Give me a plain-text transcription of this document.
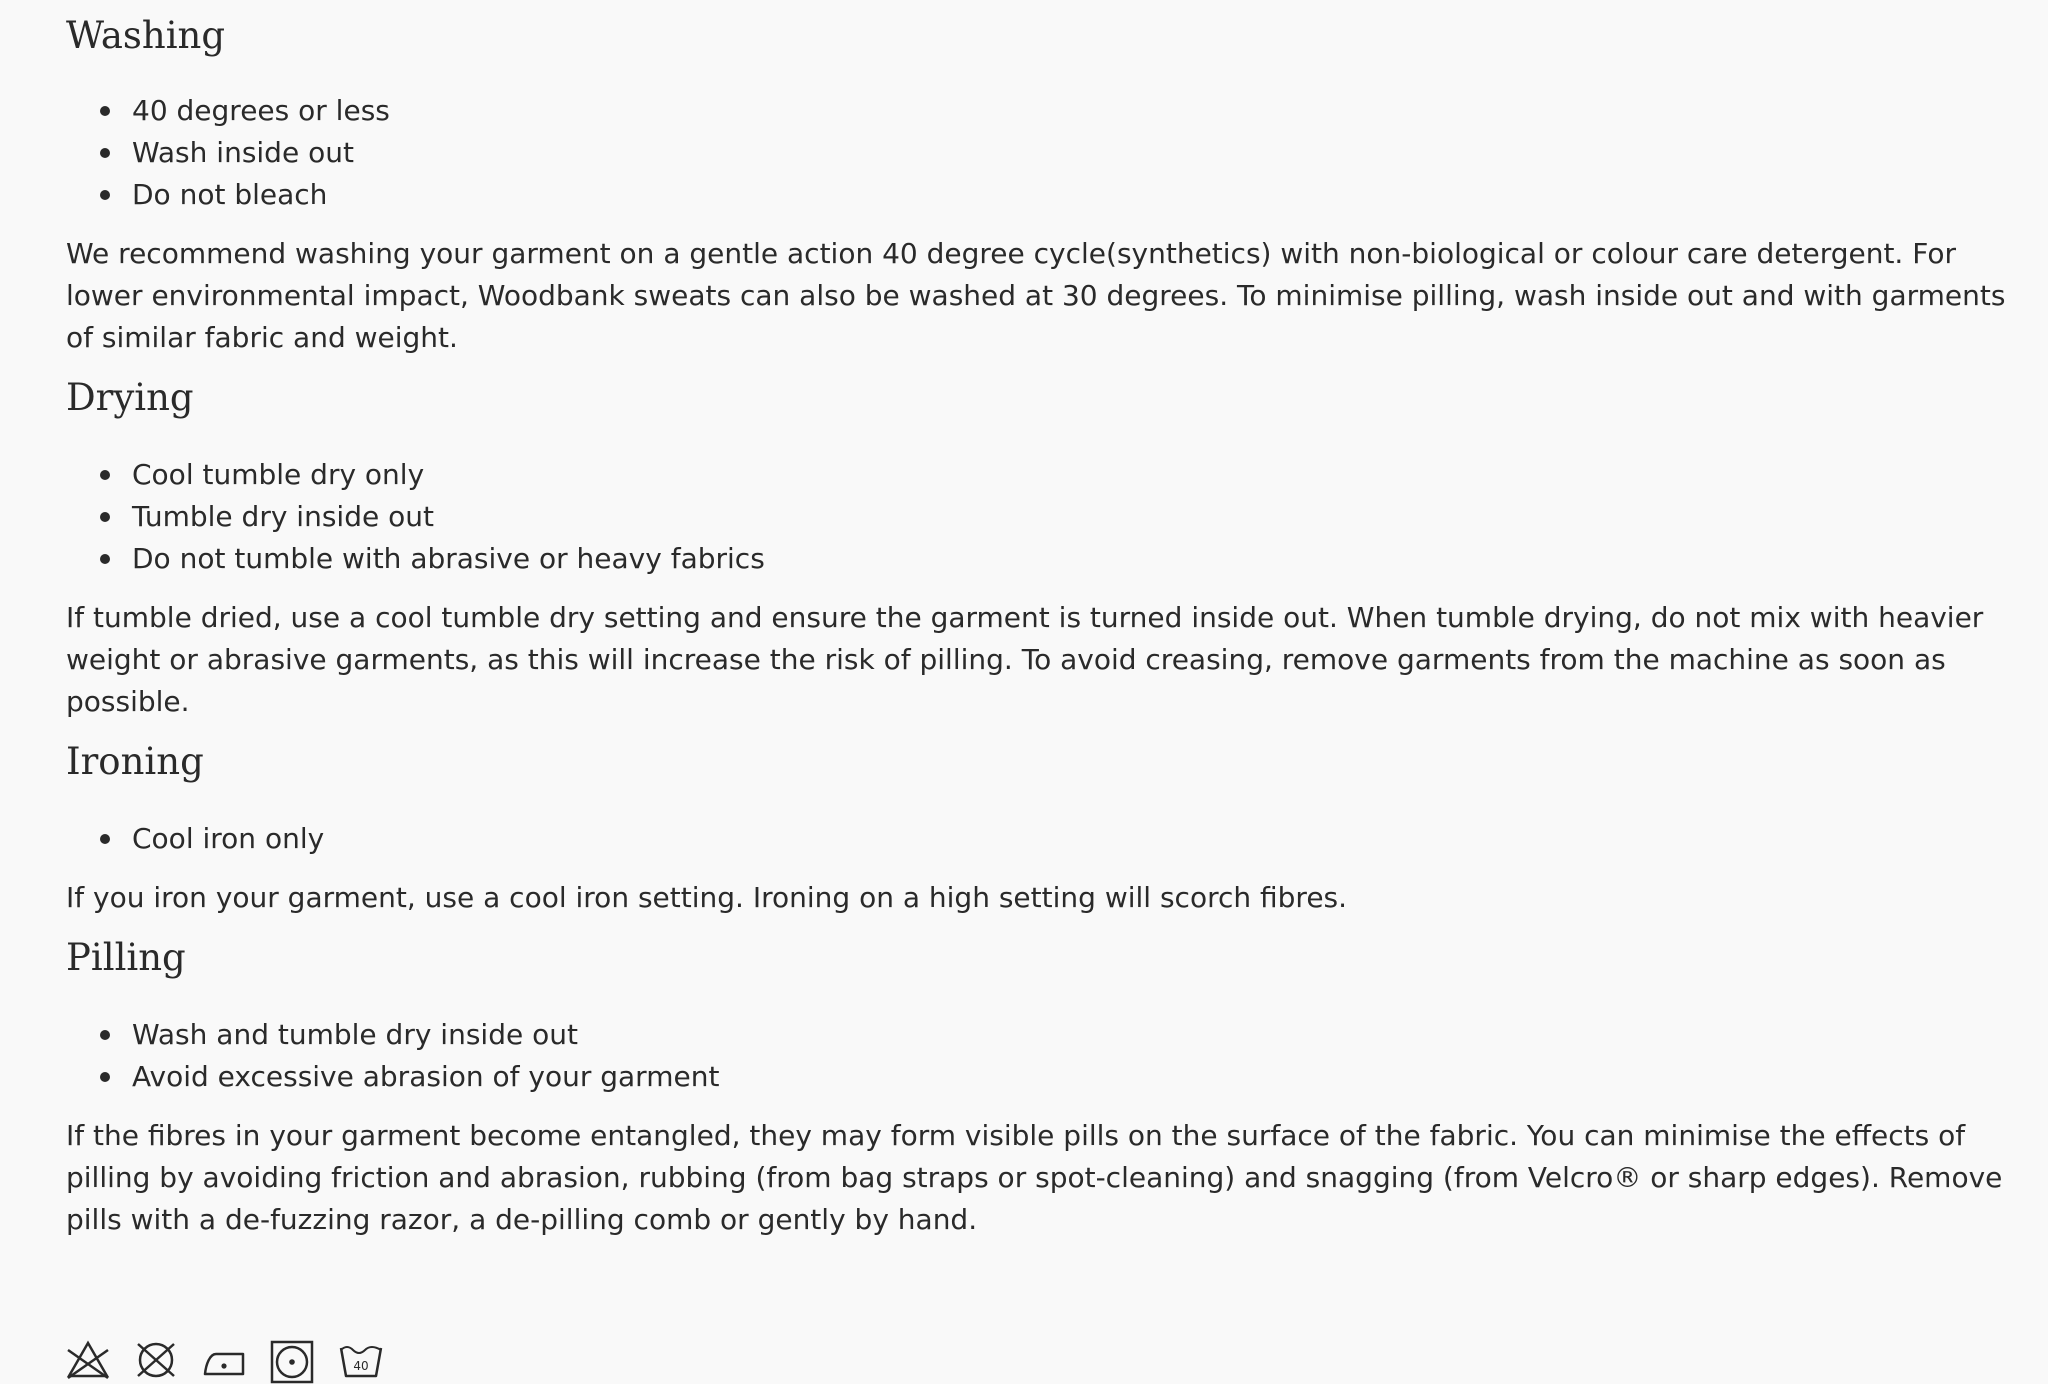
Washing
40 degrees or less
Wash inside out
Do not bleach

We recommend washing your garment on a gentle action 40 degree cycle(synthetics) with non-biological or colour care detergent. For lower environmental impact, Woodbank sweats can also be washed at 30 degrees. To minimise pilling, wash inside out and with garments of similar fabric and weight.

Drying
Cool tumble dry only
Tumble dry inside out
Do not tumble with abrasive or heavy fabrics

If tumble dried, use a cool tumble dry setting and ensure the garment is turned inside out. When tumble drying, do not mix with heavier weight or abrasive garments, as this will increase the risk of pilling. To avoid creasing, remove garments from the machine as soon as possible.

Ironing
Cool iron only

If you iron your garment, use a cool iron setting. Ironing on a high setting will scorch fibres.

Pilling
Wash and tumble dry inside out
Avoid excessive abrasion of your garment

If the fibres in your garment become entangled, they may form visible pills on the surface of the fabric. You can minimise the effects of pilling by avoiding friction and abrasion, rubbing (from bag straps or spot-cleaning) and snagging (from Velcro® or sharp edges). Remove pills with a de-fuzzing razor, a de-pilling comb or gently by hand.

40
